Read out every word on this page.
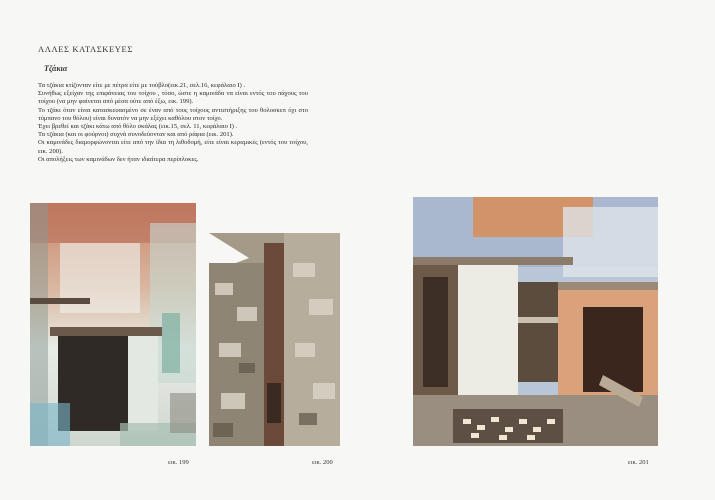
ΑΛΛΕΣ ΚΑΤΑΣΚΕΥΕΣ
Τζάκια

Τα τζάκια κτίζονταν είτε με πέτρα είτε με τούβλο(εικ.21, σελ.16, κεφάλαιο I) .

Συνήθως εξείχαν της επιφάνειας του τοίχου , τόσο, ώστε η καμινάδα να είναι εντός του πάχους του τοίχου (να μην φαίνεται από μέσα ούτε από έξω, εικ. 199).

Το τζάκι όταν είναι κατασκευασμένο σε έναν από τους τοίχους αντιστήριξης του θολοσκεπ όχι στο τύμπανο του θόλου) είναι δυνατόν να μην εξέχει καθόλου στον τοίχο.

Έχει βρεθεί και τζάκι κάτω από θόλο σκάλας (εικ.15, σελ. 11, κεφάλαιο I) .

Τα τζάκια (και οι φούρνοι) συχνά συνοδεύονταν και από ράφια (εικ. 201).

Οι καμινάδες διαμορφώνονται είτε από την ίδια τη λιθοδομή, είτε είναι κεραμικές (εντός του τοίχου, εικ. 200).

Οι απολήξεις των καμινάδων δεν ήταν ιδιαίτερα περίπλοκες.

εικ. 199	εικ. 200	εικ. 201
